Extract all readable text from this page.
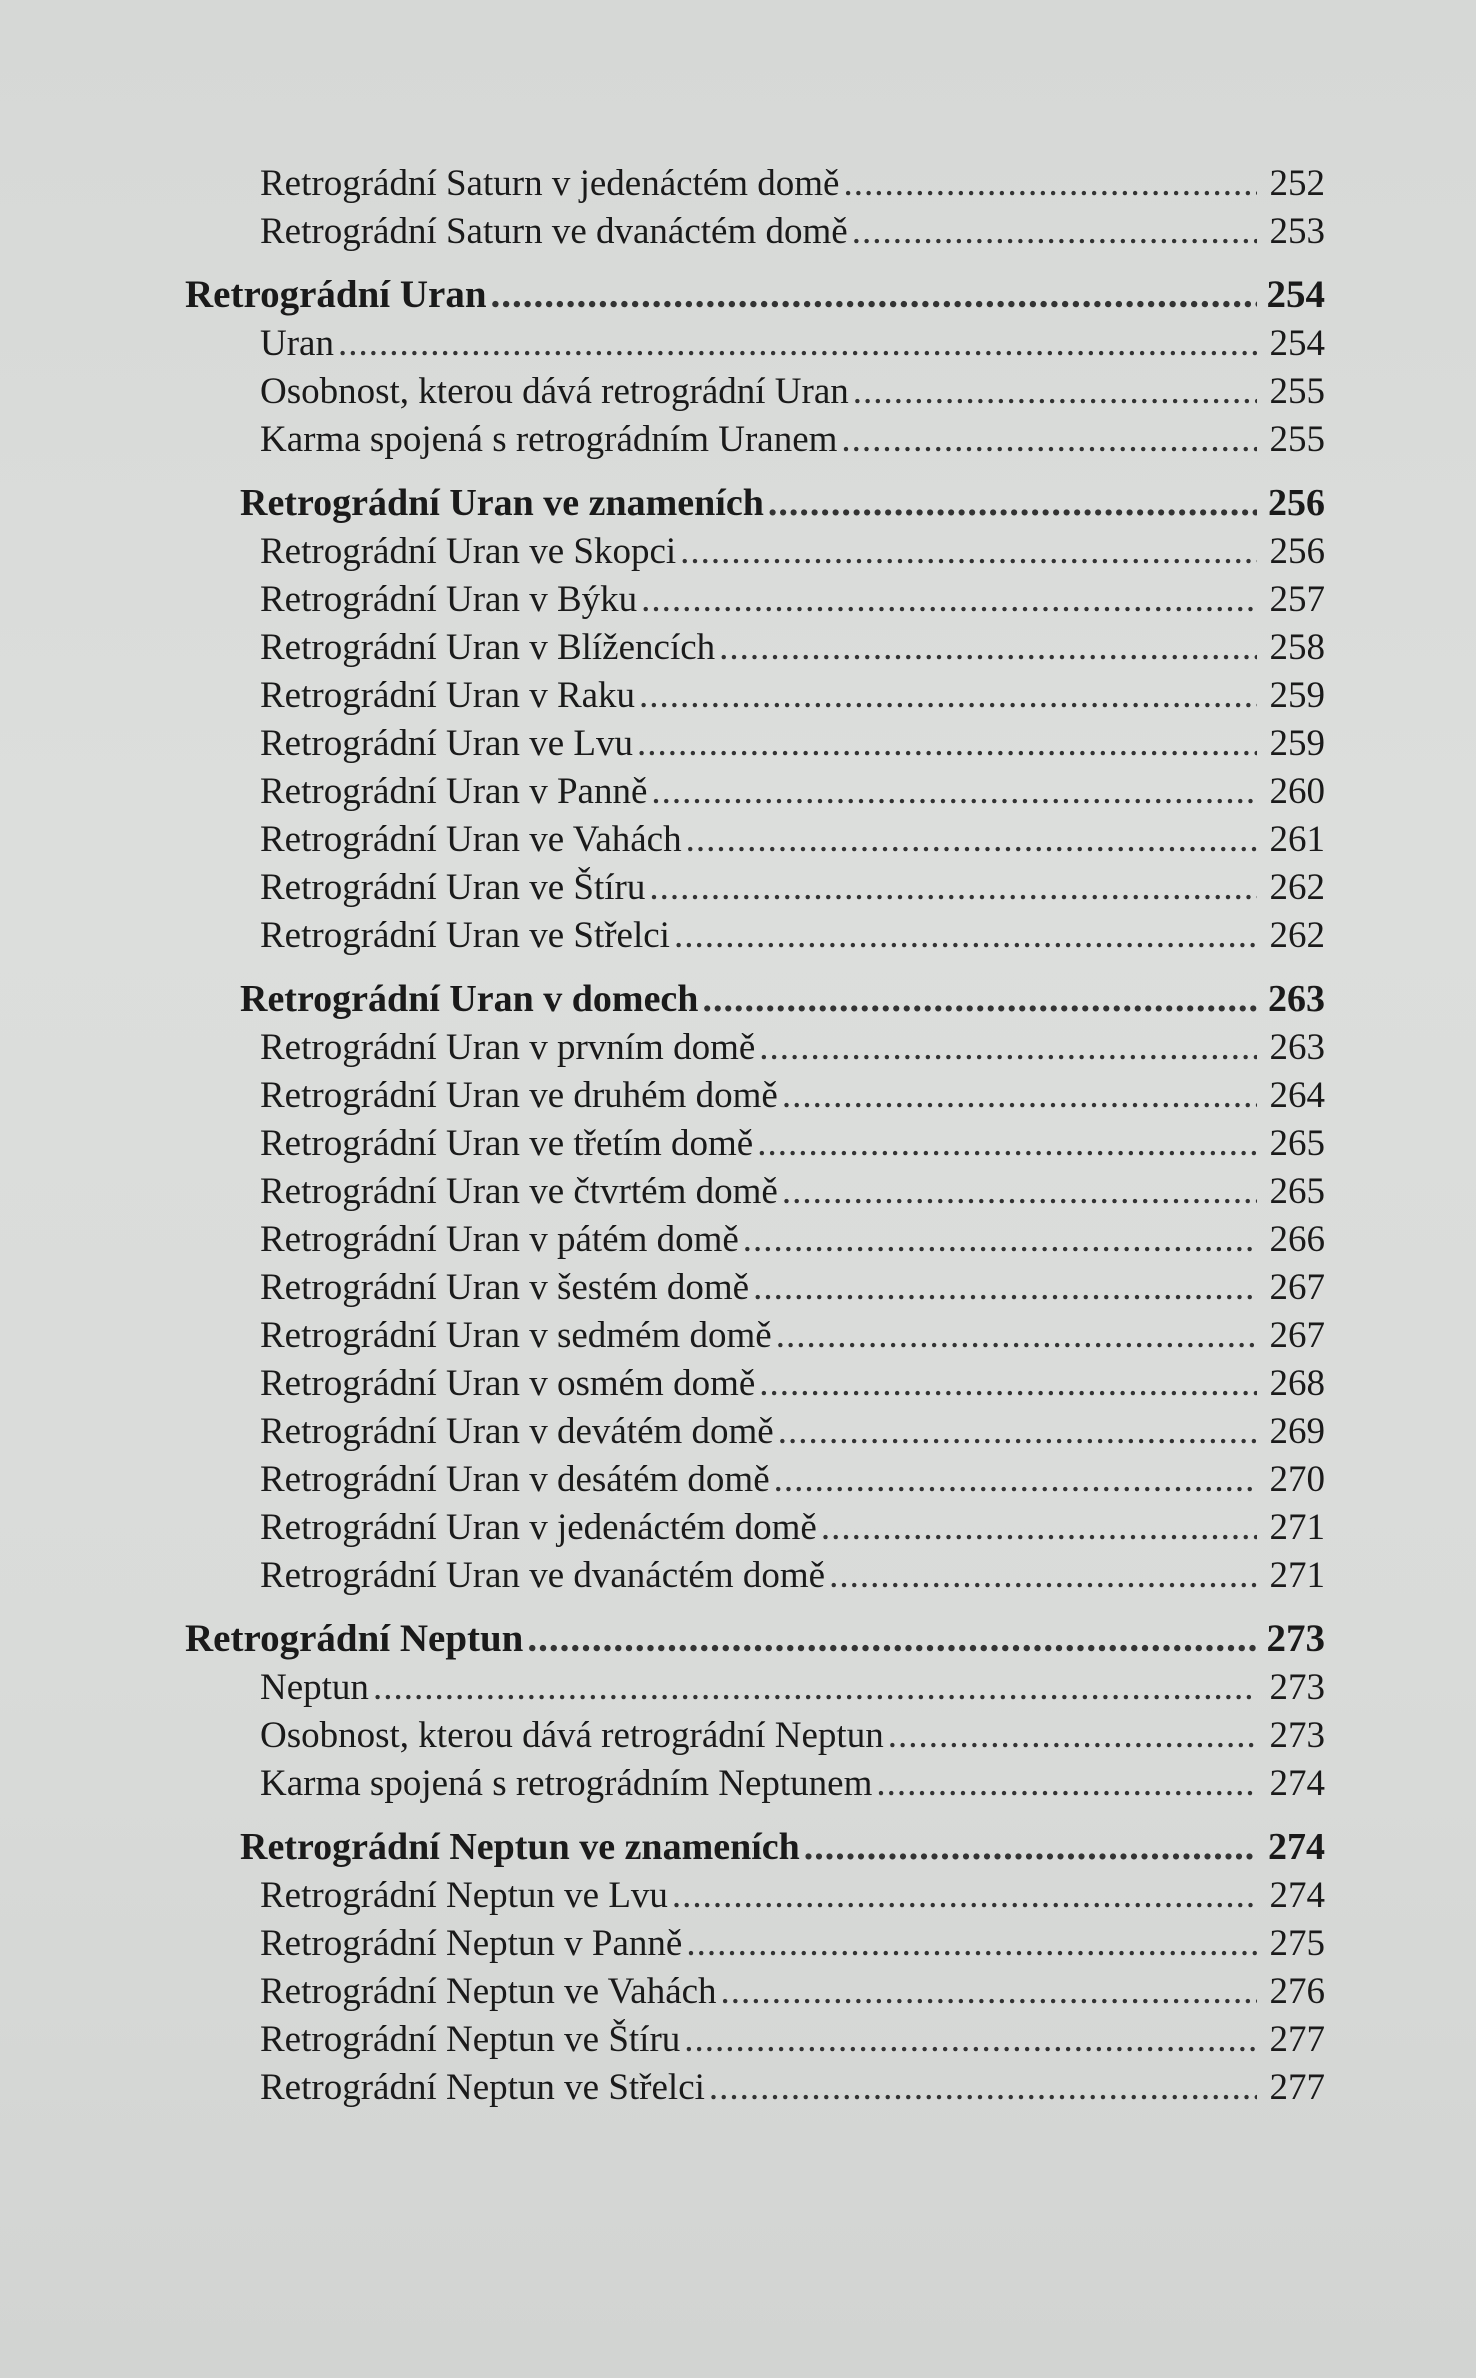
Retrográdní Saturn v jedenáctém domě .....	252
Retrográdní Saturn ve dvanáctém domě .....	253
Retrográdní Uran .....	254
Uran .....	254
Osobnost, kterou dává retrográdní Uran .....	255
Karma spojená s retrográdním Uranem .....	255
Retrográdní Uran ve znameních .....	256
Retrográdní Uran ve Skopci .....	256
Retrográdní Uran v Býku .....	257
Retrográdní Uran v Blížencích .....	258
Retrográdní Uran v Raku .....	259
Retrográdní Uran ve Lvu .....	259
Retrográdní Uran v Panně .....	260
Retrográdní Uran ve Vahách .....	261
Retrográdní Uran ve Štíru .....	262
Retrográdní Uran ve Střelci .....	262
Retrográdní Uran v domech .....	263
Retrográdní Uran v prvním domě .....	263
Retrográdní Uran ve druhém domě .....	264
Retrográdní Uran ve třetím domě .....	265
Retrográdní Uran ve čtvrtém domě .....	265
Retrográdní Uran v pátém domě .....	266
Retrográdní Uran v šestém domě .....	267
Retrográdní Uran v sedmém domě .....	267
Retrográdní Uran v osmém domě .....	268
Retrográdní Uran v devátém domě .....	269
Retrográdní Uran v desátém domě .....	270
Retrográdní Uran v jedenáctém domě .....	271
Retrográdní Uran ve dvanáctém domě .....	271
Retrográdní Neptun .....	273
Neptun .....	273
Osobnost, kterou dává retrográdní Neptun .....	273
Karma spojená s retrográdním Neptunem .....	274
Retrográdní Neptun ve znameních .....	274
Retrográdní Neptun ve Lvu .....	274
Retrográdní Neptun v Panně .....	275
Retrográdní Neptun ve Vahách .....	276
Retrográdní Neptun ve Štíru .....	277
Retrográdní Neptun ve Střelci .....	277
